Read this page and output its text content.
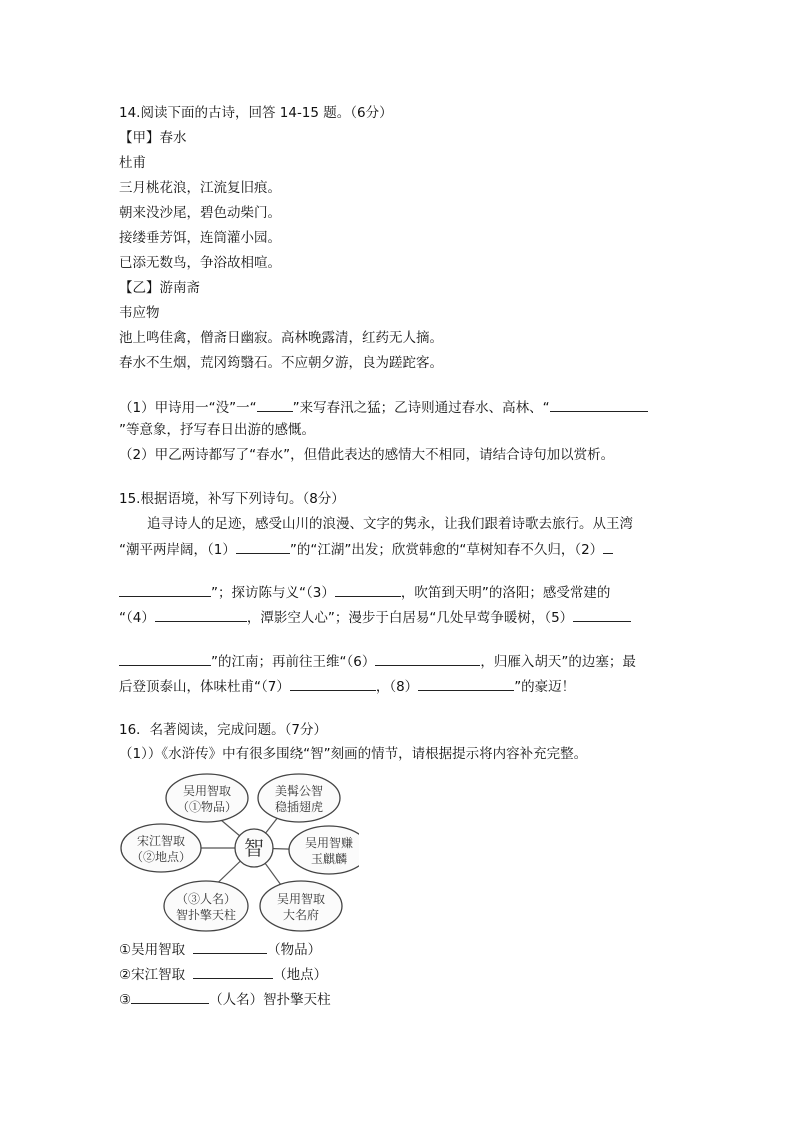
14.阅读下面的古诗，回答 14-15 题。（6分）
【甲】春水
杜甫
三月桃花浪，江流复旧痕。
朝来没沙尾，碧色动柴门。
接缕垂芳饵，连筒灌小园。
已添无数鸟，争浴故相喧。
【乙】游南斋
韦应物
池上鸣佳禽，僧斋日幽寂。高林晚露清，红药无人摘。
春水不生烟，荒冈筠翳石。不应朝夕游，良为蹉跎客。
（1）甲诗用一“没”一“	”来写春汛之猛；乙诗则通过春水、高林、“
”等意象，抒写春日出游的感慨。
（2）甲乙两诗都写了“春水”，但借此表达的感情大不相同，请结合诗句加以赏析。
15.根据语境，补写下列诗句。（8分）
追寻诗人的足迹，感受山川的浪漫、文字的隽永，让我们跟着诗歌去旅行。从王湾
“潮平两岸阔，（1）	”的“江湖”出发；欣赏韩愈的“草树知春不久归，（2）
”；探访陈与义“（3）	，吹笛到天明”的洛阳；感受常建的
“（4）	，潭影空人心”；漫步于白居易“几处早莺争暖树，（5）
”的江南；再前往王维“（6）	，归雁入胡天”的边塞；最
后登顶泰山，体味杜甫“（7）	，（8）	”的豪迈！
16．名著阅读，完成问题。（7分）
（1））《水浒传》中有很多围绕“智”刻画的情节，请根据提示将内容补充完整。
吴用智取
（①物品）
美髯公智
稳插翅虎
吴用智赚
玉麒麟
吴用智取
大名府
（③人名）
智扑擎天柱
宋江智取
（②地点）	智
①吴用智取	（物品）
②宋江智取	（地点）
③	（人名）智扑擎天柱
